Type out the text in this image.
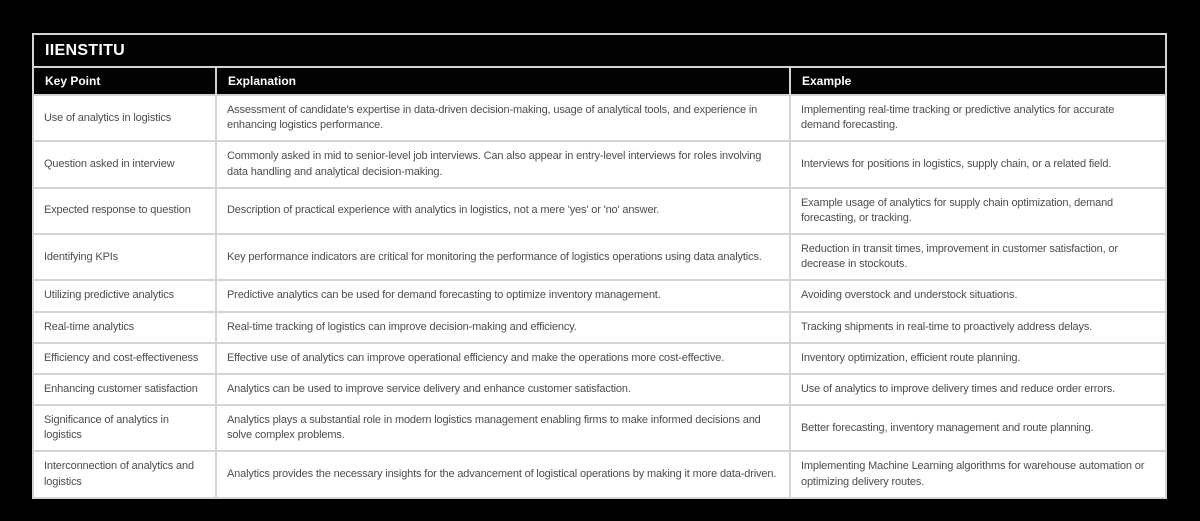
IIENSTITU		
Key Point	Explanation	Example
Use of analytics in logistics	Assessment of candidate's expertise in data-driven decision-making, usage of analytical tools, and experience in enhancing logistics performance.	Implementing real-time tracking or predictive analytics for accurate demand forecasting.
Question asked in interview	Commonly asked in mid to senior-level job interviews. Can also appear in entry-level interviews for roles involving data handling and analytical decision-making.	Interviews for positions in logistics, supply chain, or a related field.
Expected response to question	Description of practical experience with analytics in logistics, not a mere 'yes' or 'no' answer.	Example usage of analytics for supply chain optimization, demand forecasting, or tracking.
Identifying KPIs	Key performance indicators are critical for monitoring the performance of logistics operations using data analytics.	Reduction in transit times, improvement in customer satisfaction, or decrease in stockouts.
Utilizing predictive analytics	Predictive analytics can be used for demand forecasting to optimize inventory management.	Avoiding overstock and understock situations.
Real-time analytics	Real-time tracking of logistics can improve decision-making and efficiency.	Tracking shipments in real-time to proactively address delays.
Efficiency and cost-effectiveness	Effective use of analytics can improve operational efficiency and make the operations more cost-effective.	Inventory optimization, efficient route planning.
Enhancing customer satisfaction	Analytics can be used to improve service delivery and enhance customer satisfaction.	Use of analytics to improve delivery times and reduce order errors.
Significance of analytics in logistics	Analytics plays a substantial role in modern logistics management enabling firms to make informed decisions and solve complex problems.	Better forecasting, inventory management and route planning.
Interconnection of analytics and logistics	Analytics provides the necessary insights for the advancement of logistical operations by making it more data-driven.	Implementing Machine Learning algorithms for warehouse automation or optimizing delivery routes.
